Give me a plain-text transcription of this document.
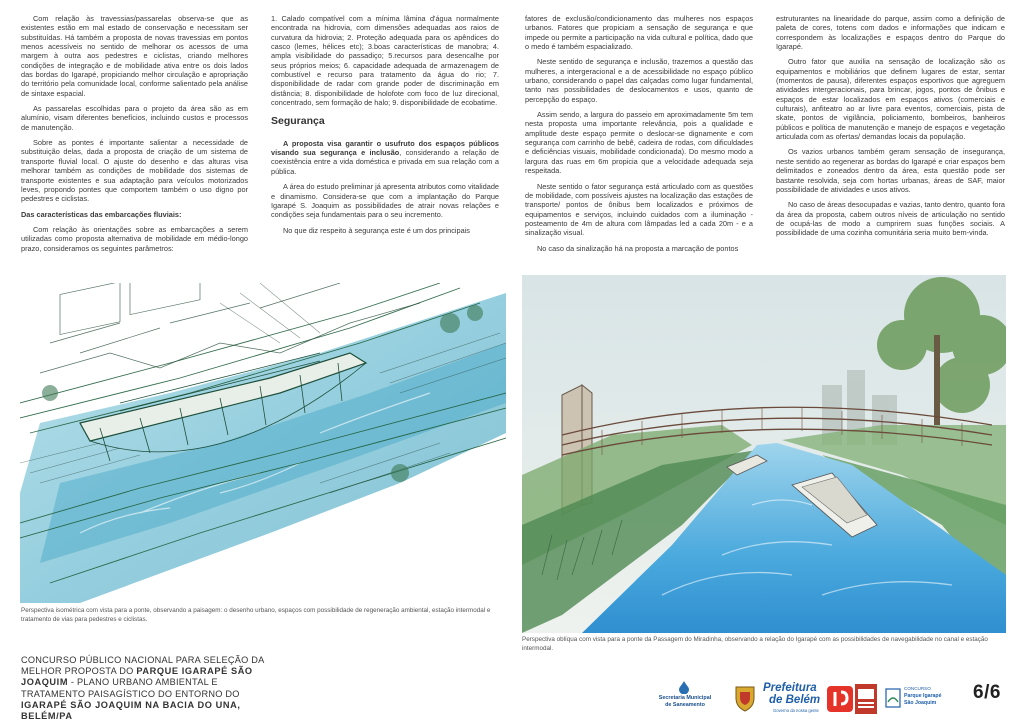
Com relação às travessias/passarelas observa-se que as existentes estão em mal estado de conservação e necessitam ser substituídas. Há também a proposta de novas travessias em pontos menos acessíveis no sentido de melhorar os acessos de uma margem à outra aos pedestres e ciclistas, criando melhores condições de integração e de mobilidade ativa entre os dois lados das bordas do Igarapé, propiciando melhor circulação e apropriação do território pela comunidade local, conforme salientado pela análise de sintaxe espacial.

As passarelas escolhidas para o projeto da área são as em alumínio, visam diferentes benefícios, incluindo custos e processos de manutenção.

Sobre as pontes é importante salientar a necessidade de substituição delas, dada a proposta de criação de um sistema de transporte fluvial local. O ajuste do desenho e das alturas visa melhorar também as condições de mobilidade dos sistemas de transporte existentes e sua adaptação para veículos motorizados leves, propondo pontes que comportem também o uso digno por pedestres e ciclistas.

Das características das embarcações fluviais:

Com relação às orientações sobre as embarcações a serem utilizadas como proposta alternativa de mobilidade em médio-longo prazo, consideramos os seguintes parâmetros:

1. Calado compatível com a mínima lâmina d'água normalmente encontrada na hidrovia, com dimensões adequadas aos raios de curvatura da hidrovia; 2. Proteção adequada para os apêndices do casco (lemes, hélices etc); 3.boas características de manobra; 4. ampla visibilidade do passadiço; 5.recursos para desencalhe por seus próprios meios; 6. capacidade adequada de armazenagem de combustível e recurso para tratamento da água do rio; 7. disponibilidade de radar com grande poder de discriminação em distância; 8. disponibilidade de holofote com foco de luz direcional, concentrado, sem formação de halo; 9. disponibilidade de ecobatime.

Segurança

A proposta visa garantir o usufruto dos espaços públicos visando sua segurança e inclusão, considerando a relação de coexistência entre a vida doméstica e privada em sua relação com a pública.

A área do estudo preliminar já apresenta atributos como vitalidade e dinamismo. Considera-se que com a implantação do Parque Igarapé S. Joaquim as possibilidades de atrair novas relações e condições seja fundamentais para o seu incremento.

No que diz respeito à segurança este é um dos principais

fatores de exclusão/condicionamento das mulheres nos espaços urbanos. Fatores que propiciam a sensação de segurança e que impede ou permite a participação na vida cultural e política, dado que o medo é também espacializado.

Neste sentido de segurança e inclusão, trazemos a questão das mulheres, a intergeracional e a de acessibilidade no espaço público urbano, considerando o papel das calçadas como lugar fundamental, tanto nas possibilidades de deslocamentos e usos, quanto de percepção do espaço.

Assim sendo, a largura do passeio em aproximadamente 5m tem nesta proposta uma importante relevância, pois a qualidade e amplitude deste espaço permite o deslocar-se dignamente e com segurança com carrinho de bebê, cadeira de rodas, com dificuldades e deficiências visuais, mobilidade condicionada). Do mesmo modo a largura das ruas em 6m propicia que a velocidade adequada seja respeitada.

Neste sentido o fator segurança está articulado com as questões de mobilidade, com possíveis ajustes na localização das estações de transporte/ pontos de ônibus bem localizados e próximos de equipamentos e serviços, incluindo cuidados com a iluminação - posteamento de 4m de altura com lâmpadas led a cada 20m - e a sinalização visual.

No caso da sinalização há na proposta a marcação de pontos

estruturantes na linearidade do parque, assim como a definição de paleta de cores, totens com dados e informações que indicam e correspondem às localizações e espaços dentro do Parque do Igarapé.

Outro fator que auxilia na sensação de localização são os equipamentos e mobiliários que definem lugares de estar, sentar (momentos de pausa), diferentes espaços esportivos que agreguem atividades intergeracionais, para brincar, jogos, pontos de ônibus e espaços de estar localizados em espaços ativos (comerciais e culturais), anfiteatro ao ar livre para eventos, comerciais, pista de skate, pontos de vigilância, policiamento, bombeiros, banheiros públicos e política de manutenção e manejo de espaços e vegetação articulada com as ofertas/ demandas locais da população.

Os vazios urbanos também geram sensação de insegurança, neste sentido ao regenerar as bordas do Igarapé e criar espaços bem delimitados e zoneados dentro da área, esta questão pode ser bastante resolvida, seja com hortas urbanas, áreas de SAF, maior possibilidade de atividades e usos ativos.

No caso de áreas desocupadas e vazias, tanto dentro, quanto fora da área da proposta, cabem outros níveis de articulação no sentido de ocupá-las de modo a cumprirem suas funções sociais. A possibilidade de uma cozinha comunitária seria muito bem-vinda.

Perspectiva isométrica com vista para a ponte, observando a paisagem: o desenho urbano, espaços com possibilidade de regeneração ambiental, estação intermodal e tratamento de vias para pedestres e ciclistas.
Perspectiva oblíqua com vista para a ponte da Passagem do Miradinha, observando a relação do Igarapé com as possibilidades de navegabilidade no canal e estação intermodal.
CONCURSO PÚBLICO NACIONAL PARA SELEÇÃO DA MELHOR PROPOSTA DO PARQUE IGARAPÉ SÃO JOAQUIM - PLANO URBANO AMBIENTAL E TRATAMENTO PAISAGÍSTICO DO ENTORNO DO IGARAPÉ SÃO JOAQUIM NA BACIA DO UNA, BELÉM/PA
Secretaria Municipal
de Saneamento
Prefeitura
de Belém
Governo da nossa gente
CONCURSO
Parque Igarapé
São Joaquim 6/6
